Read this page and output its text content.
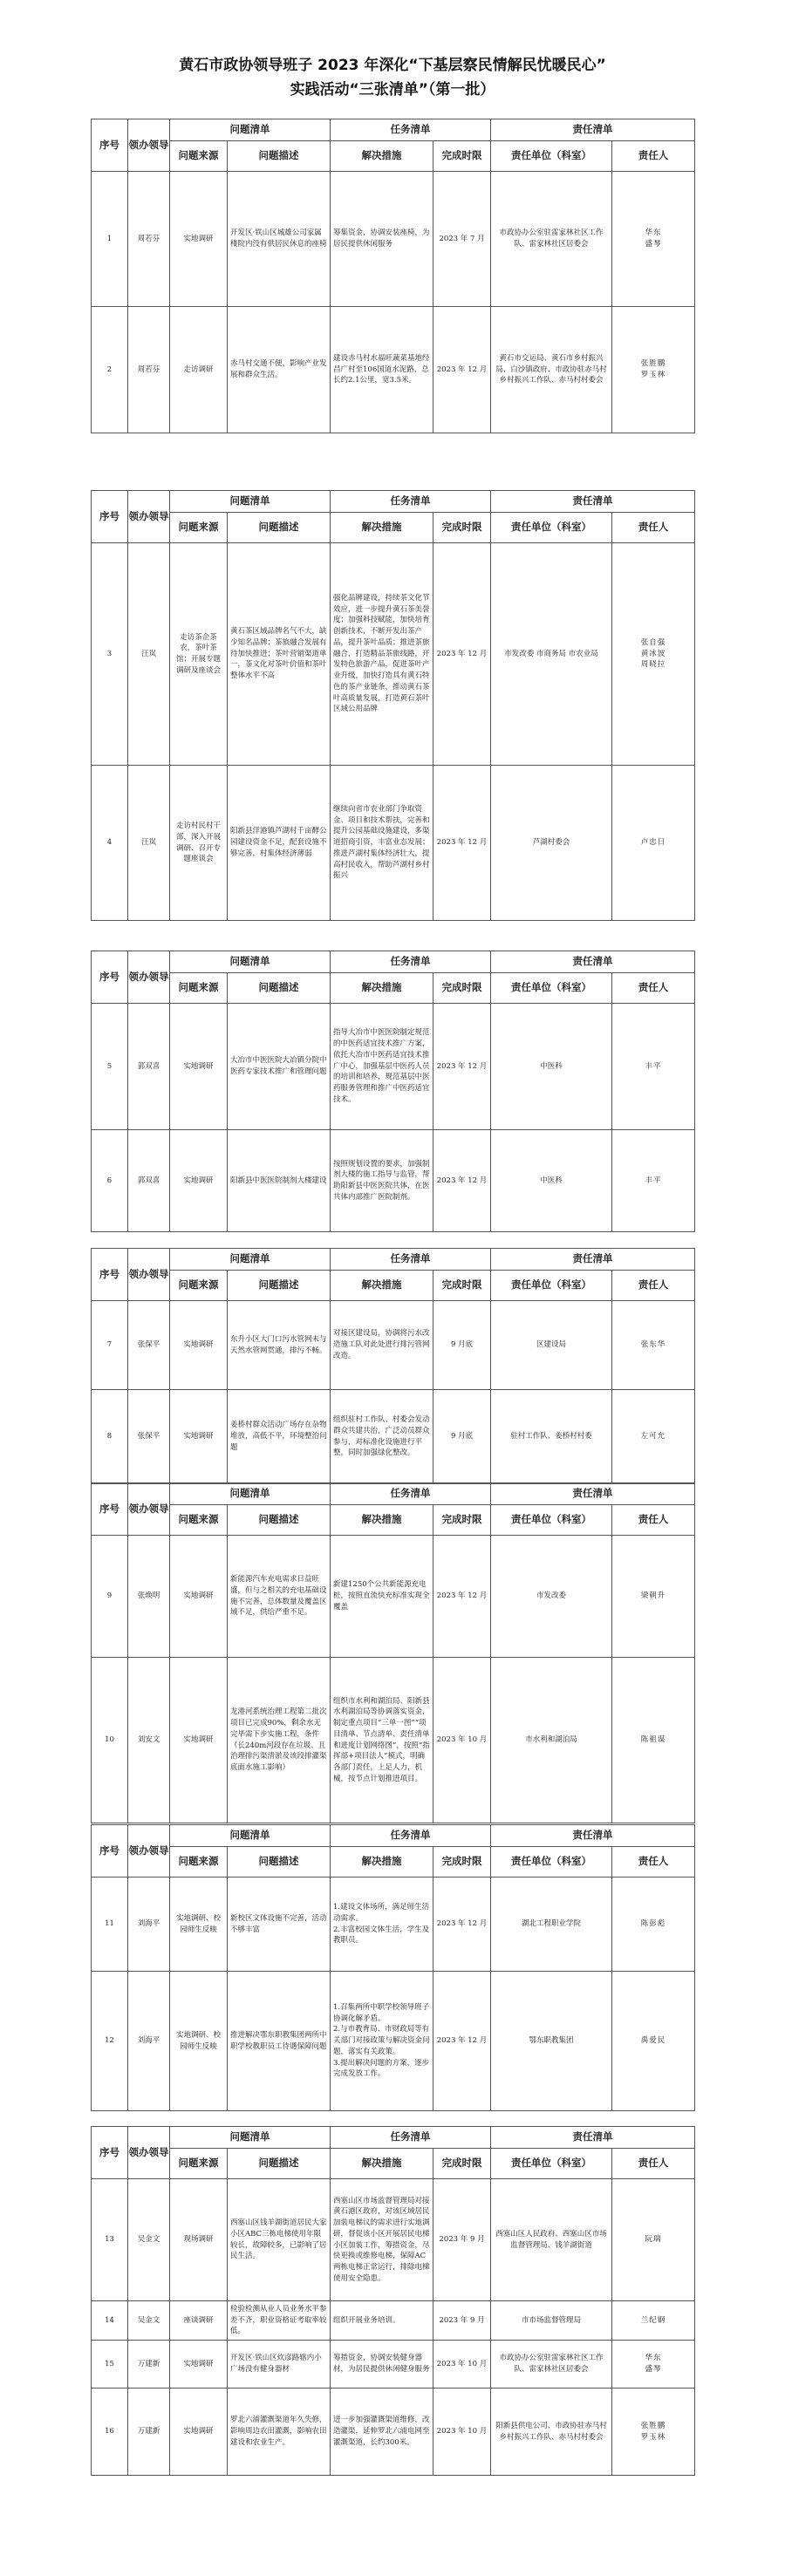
黄石市政协领导班子 2023 年深化“下基层察民情解民忧暖民心”
实践活动“三张清单”（第一批）
序号	领办领导	问题清单		任务清单		责任清单	
		问题来源	问题描述	解决措施	完成时限	责任单位（科室）	责任人
1	周若芬	实地调研	开发区·铁山区城雄公司家属楼院内没有供居民休息的座椅	筹集资金，协调安装座椅，为居民提供休闲服务	2023 年 7 月	市政协办公室驻雷家林社区工作队、雷家林社区居委会	华东
盛琴
2	周若芬	走访调研	赤马村交通不便，影响产业发展和群众生活。	建设赤马村水福旺蔬菜基地经昌广村至106国道水泥路，总长约2.1公里，宽3.5米。	2023 年 12 月	黄石市交运局、黄石市乡村振兴局、白沙镇政府、市政协驻赤马村乡村振兴工作队、赤马村村委会	张胜鹏
罗玉林
序号	领办领导	问题清单		任务清单		责任清单	
		问题来源	问题描述	解决措施	完成时限	责任单位（科室）	责任人
3	汪岚	走访茶企茶农，茶叶茶馆；开展专题调研及座谈会	黄石茶区域品牌名气不大，缺少知名品牌；茶旅融合发展有待加快推进；茶叶营销渠道单一，茶文化对茶叶价值和茶叶整体水平不高	强化品牌建设，持续茶文化节效应，进一步提升黄石茶美誉度；加强科技赋能，加快培育创新技术，不断开发出茶产品，提升茶叶品质；推进茶旅融合，打造精品茶旅线路，开发特色旅游产品，促进茶叶产业升级，加快打造具有黄石特色的茶产业链条，推动黄石茶叶高质量发展，打造黄石茶叶区域公用品牌	2023 年 12 月	市发改委 市商务局 市农业局	张自强
黄冰波
周晓拉
4	汪岚	走访村民村干部，深入开展调研、召开专题座谈会	阳新县洋港镇芦湖村千亩酵公园建设资金不足，配套设施不够完善，村集体经济薄弱	继续向省市农业部门争取资金、项目和技术帮扶，完善和提升公园基础设施建设，多渠道招商引资，丰富业态发展；推进芦湖村集体经济壮大，提高村民收入，帮助芦湖村乡村振兴	2023 年 12 月	芦湖村委会	卢忠日
序号	领办领导	问题清单		任务清单		责任清单	
		问题来源	问题描述	解决措施	完成时限	责任单位（科室）	责任人
5	郭双喜	实地调研	大冶市中医医院大冶镇分院中医药专家技术推广和管理问题	指导大冶市中医医院制定规范的中医药适宜技术推广方案，依托大冶市中医药适宜技术推广中心，加强基层中医药人员的培训和培养，规范基层中医药服务管理和推广中医药适宜技术。	2023 年 12 月	中医科	丰平
6	郭双喜	实地调研	阳新县中医医院制剂大楼建设	按照规划设置的要求，加强制剂大楼的施工指导与监管，帮助阳新县中医医院共体，在医共体内部推广医院制剂。	2023 年 12 月	中医科	丰平
序号	领办领导	问题清单		任务清单		责任清单	
		问题来源	问题描述	解决措施	完成时限	责任单位（科室）	责任人
7	张保平	实地调研	东升小区大门口污水管网未与天然水管网贯通，排污不畅。	对接区建设局，协调将污水改造施工队对此处进行排污管网改造。	9 月底	区建设局	张东华
8	张保平	实地调研	姜桥村群众活动广场存在杂物堆放，高低不平，环境整治问题	组织驻村工作队、村委会发动群众共建共治，广泛动员群众参与，对标准化设施进行平整，同时加强绿化整改。	9 月底	驻村工作队、姜桥村村委	左可允
序号	领办领导	问题清单		任务清单		责任清单	
		问题来源	问题描述	解决措施	完成时限	责任单位（科室）	责任人
9	张焕明	实地调研	新能源汽车充电需求日益旺盛，但与之相关的充电基础设施不完善，总体数量及覆盖区域不足，供给严重不足。	新建1250个公共新能源充电桩，按照直流快充标准实现全覆盖	2023 年 12 月	市发改委	梁朝升
10	刘安文	实地调研	龙港河系统治理工程第二批次项目已完成90%，剩余水无完毕需下步实施工程，条件（长240m河段存在垃圾、且治理排污渠清淤及该段排灌渠底面水施工影响）	组织市水利和湖泊局、阳新县水利湖泊局等协调落实资金，制定重点项目“三单一图”“项目清单、节点清单、责任清单和进度计划网络图”，按照“指挥部+项目法人”模式，明确各部门责任，上足人力，机械，按节点计划推进项目。	2023 年 10 月	市水利和湖泊局	陈祖谋
序号	领办领导	问题清单		任务清单		责任清单	
		问题来源	问题描述	解决措施	完成时限	责任单位（科室）	责任人
11	刘海平	实地调研、校园师生反映	新校区文体设施不完善，活动不够丰富	1.建设文体场所，满足师生活动需求。
2.丰富校园文体生活，学生及教职员。	2023 年 12 月	湖北工程职业学院	陈彭彪
12	刘海平	实地调研、校园师生反映	推进解决鄂东职教集团两所中职学校教职员工待遇保障问题	1.召集两所中职学校领导班子协调化解矛盾。
2.与市教育局、市财政局等有关部门对接政策与解决资金问题，落实有关政策。
3.提出解决问题的方案，逐步完成发放工作。	2023 年 12 月	鄂东职教集团	禹爱民
序号	领办领导	问题清单		任务清单		责任清单	
		问题来源	问题描述	解决措施	完成时限	责任单位（科室）	责任人
13	吴金文	现场调研	西塞山区钱羊湖街道居民大家小区ABC三栋电梯使用年限较长，故障较多，已影响了居民生活。	西塞山区市场监督管理局对接黄石港区政府，对该区域居民加装电梯议的需求进行实地调研，督促该小区开展居民电梯小区加装工作，筹措资金，尽快更换或维修电梯，保障AC两栋电梯正常运行，排除电梯使用安全隐患。	2023 年 9 月	西塞山区人民政府、西塞山区市场监督管理局、钱羊湖街道	阮瑞
14	吴金文	座谈调研	检验检测从业人员业务水平参差不齐，职业资格证考取率较低。	组织开展业务培训。	2023 年 9 月	市市场监督管理局	兰纪钢
15	万建新	实地调研	开发区·铁山区炊彦路辖内小广场没有健身器材	筹措资金，协调安装健身器材，为居民提供休闲健身服务	2023 年 10 月	市政协办公室驻雷家林社区工作队、雷家林社区居委会	华东
盛琴
16	万建新	实地调研	罗北六浦灌溉渠道年久失修，影响周边农田灌溉，影响农田建设和农业生产。	进一步加强灌溉渠道维修，改造灌渠，延伸罗北六浦电网至灌溉渠道，长约300米。	2023 年 10 月	阳新县供电公司、市政协驻赤马村乡村振兴工作队、赤马村村委会	张胜鹏
罗玉林
